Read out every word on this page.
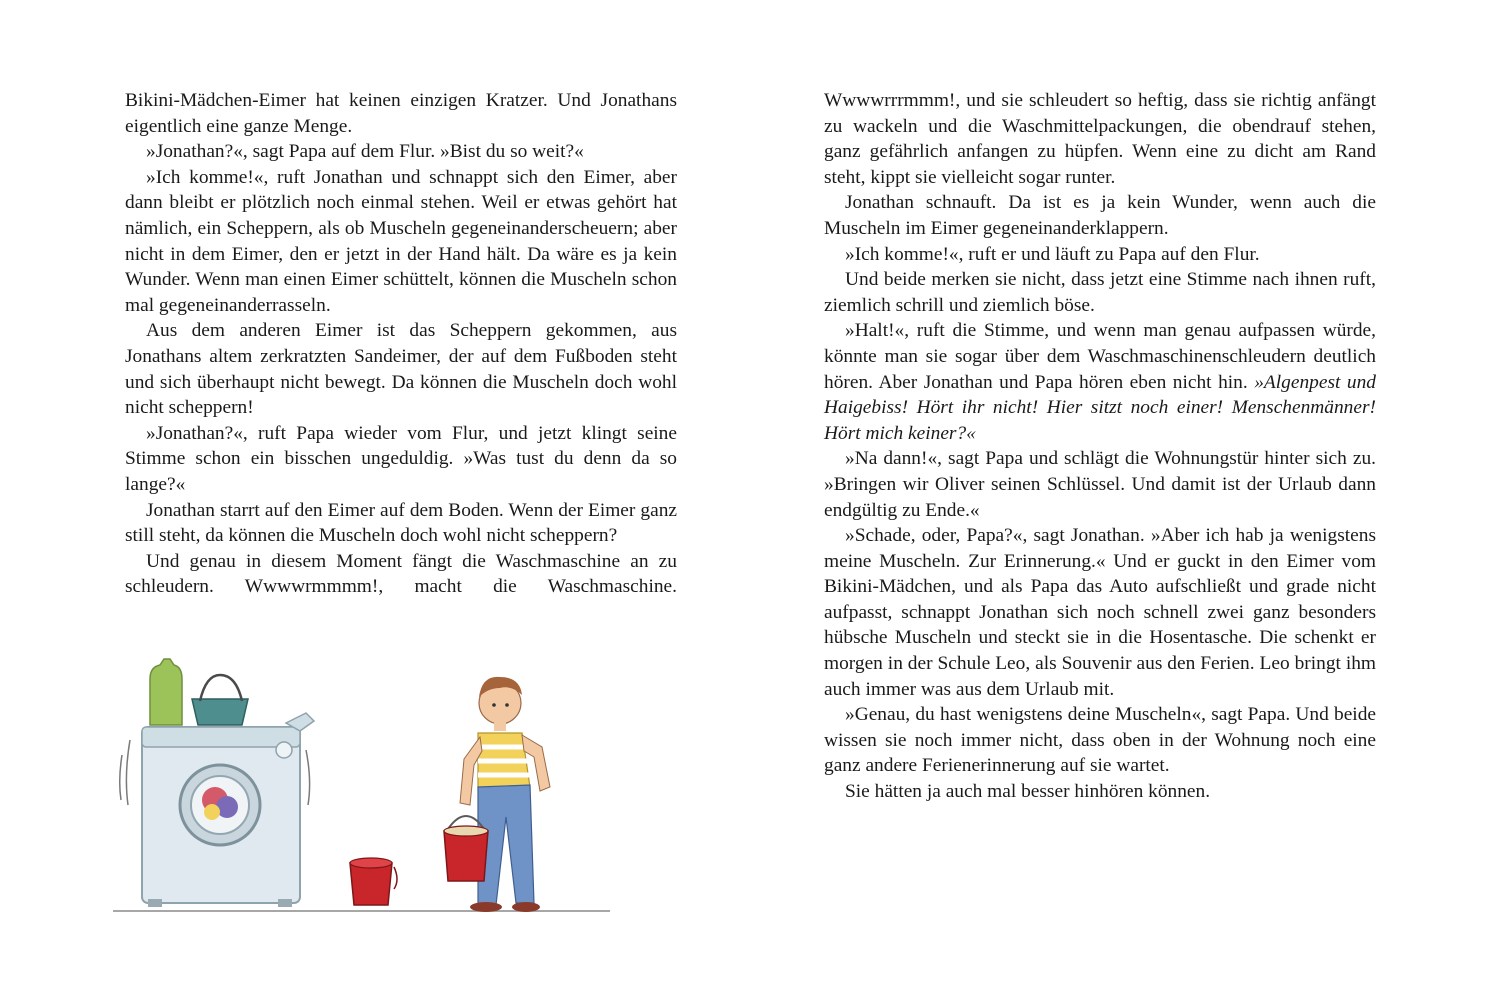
Bikini-Mädchen-Eimer hat keinen einzigen Kratzer. Und Jonathans eigentlich eine ganze Menge.

»Jonathan?«, sagt Papa auf dem Flur. »Bist du so weit?«

»Ich komme!«, ruft Jonathan und schnappt sich den Eimer, aber dann bleibt er plötzlich noch einmal stehen. Weil er etwas gehört hat nämlich, ein Scheppern, als ob Muscheln gegeneinanderscheuern; aber nicht in dem Eimer, den er jetzt in der Hand hält. Da wäre es ja kein Wunder. Wenn man einen Eimer schüttelt, können die Muscheln schon mal gegeneinanderrasseln.

Aus dem anderen Eimer ist das Scheppern gekommen, aus Jonathans altem zerkratzten Sandeimer, der auf dem Fußboden steht und sich überhaupt nicht bewegt. Da können die Muscheln doch wohl nicht scheppern!

»Jonathan?«, ruft Papa wieder vom Flur, und jetzt klingt seine Stimme schon ein bisschen ungeduldig. »Was tust du denn da so lange?«

Jonathan starrt auf den Eimer auf dem Boden. Wenn der Eimer ganz still steht, da können die Muscheln doch wohl nicht scheppern?

Und genau in diesem Moment fängt die Waschmaschine an zu schleudern. Wwwwrmmmm!, macht die Waschmaschine.

Wwwwrrrmmm!, und sie schleudert so heftig, dass sie richtig anfängt zu wackeln und die Waschmittelpackungen, die obendrauf stehen, ganz gefährlich anfangen zu hüpfen. Wenn eine zu dicht am Rand steht, kippt sie vielleicht sogar runter.

Jonathan schnauft. Da ist es ja kein Wunder, wenn auch die Muscheln im Eimer gegeneinanderklappern.

»Ich komme!«, ruft er und läuft zu Papa auf den Flur.

Und beide merken sie nicht, dass jetzt eine Stimme nach ihnen ruft, ziemlich schrill und ziemlich böse.

»Halt!«, ruft die Stimme, und wenn man genau aufpassen würde, könnte man sie sogar über dem Waschmaschinenschleudern deutlich hören. Aber Jonathan und Papa hören eben nicht hin. »Algenpest und Haigebiss! Hört ihr nicht! Hier sitzt noch einer! Menschenmänner! Hört mich keiner?«

»Na dann!«, sagt Papa und schlägt die Wohnungstür hinter sich zu. »Bringen wir Oliver seinen Schlüssel. Und damit ist der Urlaub dann endgültig zu Ende.«

»Schade, oder, Papa?«, sagt Jonathan. »Aber ich hab ja wenigstens meine Muscheln. Zur Erinnerung.« Und er guckt in den Eimer vom Bikini-Mädchen, und als Papa das Auto aufschließt und grade nicht aufpasst, schnappt Jonathan sich noch schnell zwei ganz besonders hübsche Muscheln und steckt sie in die Hosentasche. Die schenkt er morgen in der Schule Leo, als Souvenir aus den Ferien. Leo bringt ihm auch immer was aus dem Urlaub mit.

»Genau, du hast wenigstens deine Muscheln«, sagt Papa. Und beide wissen sie noch immer nicht, dass oben in der Wohnung noch eine ganz andere Ferienerinnerung auf sie wartet.

Sie hätten ja auch mal besser hinhören können.
